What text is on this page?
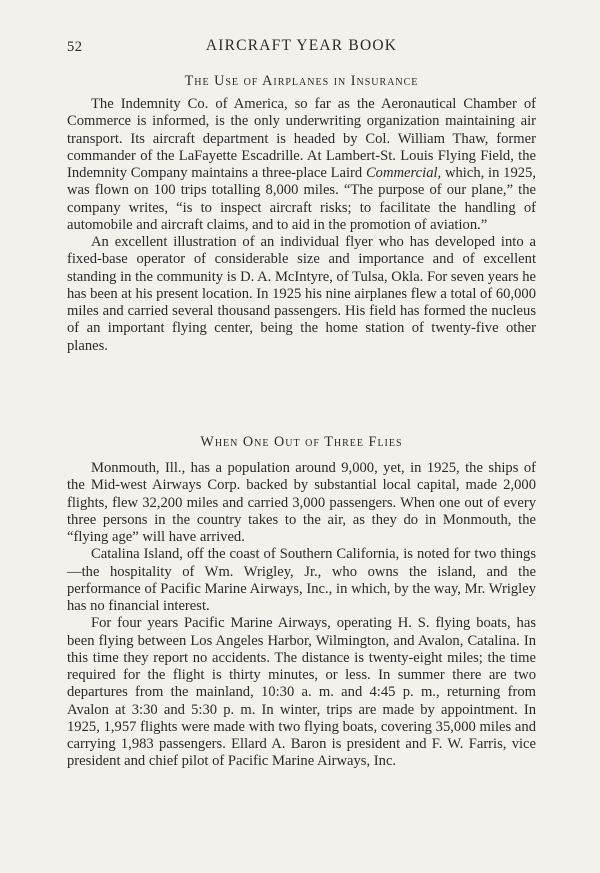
52	AIRCRAFT YEAR BOOK
The Use of Airplanes in Insurance

The Indemnity Co. of America, so far as the Aeronautical Chamber of Commerce is informed, is the only underwriting organization maintaining air transport. Its aircraft department is headed by Col. William Thaw, former commander of the LaFayette Escadrille. At Lambert-St. Louis Flying Field, the Indemnity Company maintains a three-place Laird Commercial, which, in 1925, was flown on 100 trips totalling 8,000 miles. “The purpose of our plane,” the company writes, “is to inspect aircraft risks; to facilitate the handling of automobile and aircraft claims, and to aid in the promotion of aviation.”

An excellent illustration of an individual flyer who has developed into a fixed-base operator of considerable size and importance and of excellent standing in the community is D. A. McIntyre, of Tulsa, Okla. For seven years he has been at his present location. In 1925 his nine airplanes flew a total of 60,000 miles and carried several thousand passengers. His field has formed the nucleus of an important flying center, being the home station of twenty-five other planes.

When One Out of Three Flies

Monmouth, Ill., has a population around 9,000, yet, in 1925, the ships of the Mid-west Airways Corp. backed by substantial local capital, made 2,000 flights, flew 32,200 miles and carried 3,000 passengers. When one out of every three persons in the country takes to the air, as they do in Monmouth, the “flying age” will have arrived.

Catalina Island, off the coast of Southern California, is noted for two things—the hospitality of Wm. Wrigley, Jr., who owns the island, and the performance of Pacific Marine Airways, Inc., in which, by the way, Mr. Wrigley has no financial interest.

For four years Pacific Marine Airways, operating H. S. flying boats, has been flying between Los Angeles Harbor, Wilmington, and Avalon, Catalina. In this time they report no accidents. The distance is twenty-eight miles; the time required for the flight is thirty minutes, or less. In summer there are two departures from the mainland, 10:30 a. m. and 4:45 p. m., returning from Avalon at 3:30 and 5:30 p. m. In winter, trips are made by appointment. In 1925, 1,957 flights were made with two flying boats, covering 35,000 miles and carrying 1,983 passengers. Ellard A. Baron is president and F. W. Farris, vice president and chief pilot of Pacific Marine Airways, Inc.
